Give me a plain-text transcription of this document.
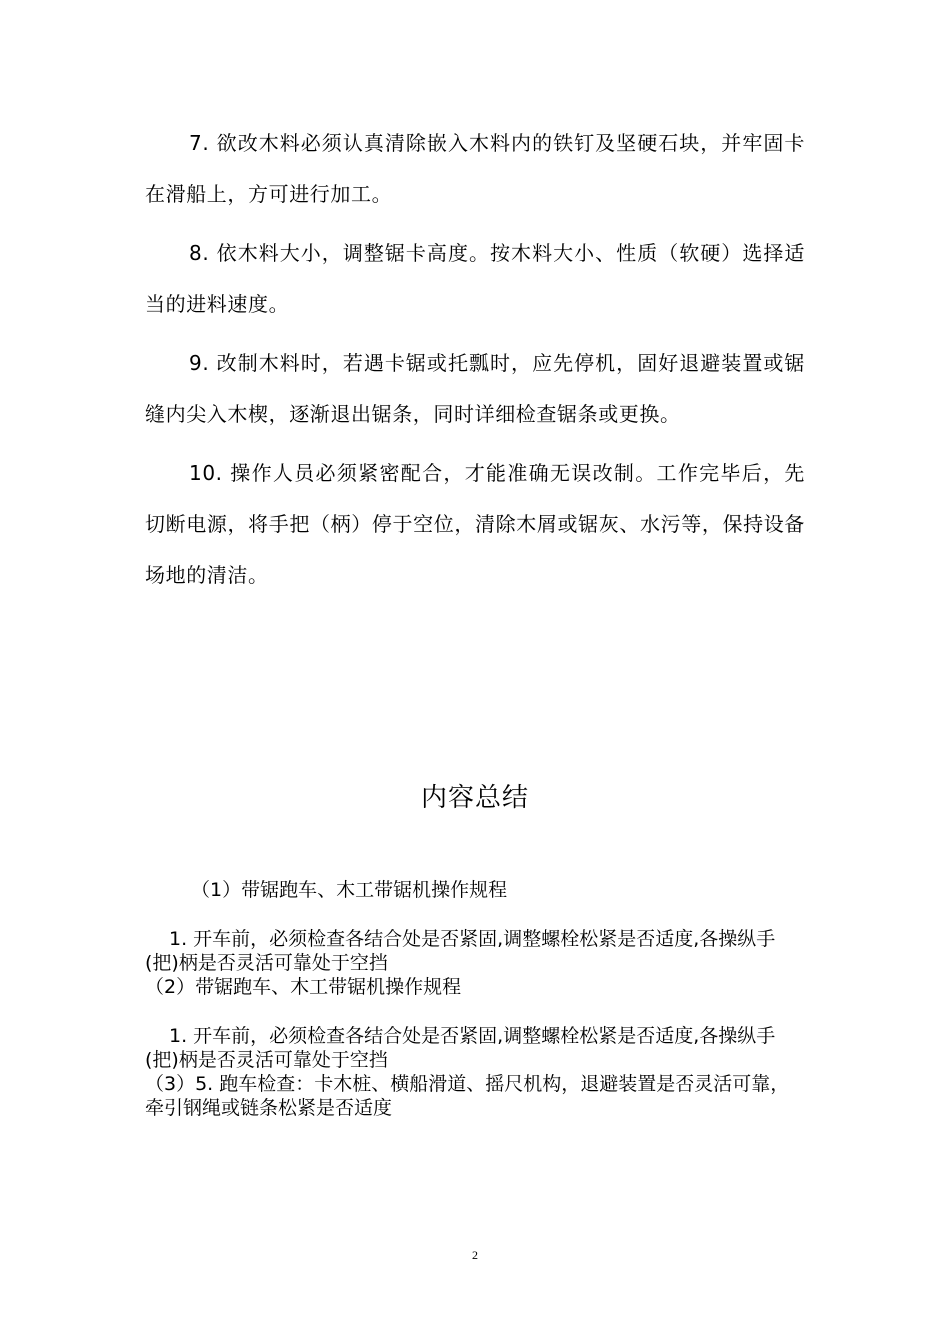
7. 欲改木料必须认真清除嵌入木料内的铁钉及坚硬石块，并牢固卡在滑船上，方可进行加工。

8. 依木料大小，调整锯卡高度。按木料大小、性质（软硬）选择适当的进料速度。

9. 改制木料时，若遇卡锯或托瓢时，应先停机，固好退避装置或锯缝内尖入木楔，逐渐退出锯条，同时详细检查锯条或更换。

10. 操作人员必须紧密配合，才能准确无误改制。工作完毕后，先切断电源，将手把（柄）停于空位，清除木屑或锯灰、水污等，保持设备场地的清洁。

内容总结

（1）带锯跑车、木工带锯机操作规程

1. 开车前，必须检查各结合处是否紧固,调整螺栓松紧是否适度,各操纵手(把)柄是否灵活可靠处于空挡

（2）带锯跑车、木工带锯机操作规程

1. 开车前，必须检查各结合处是否紧固,调整螺栓松紧是否适度,各操纵手(把)柄是否灵活可靠处于空挡

（3）5. 跑车检查：卡木桩、横船滑道、摇尺机构，退避装置是否灵活可靠，牵引钢绳或链条松紧是否适度

2
